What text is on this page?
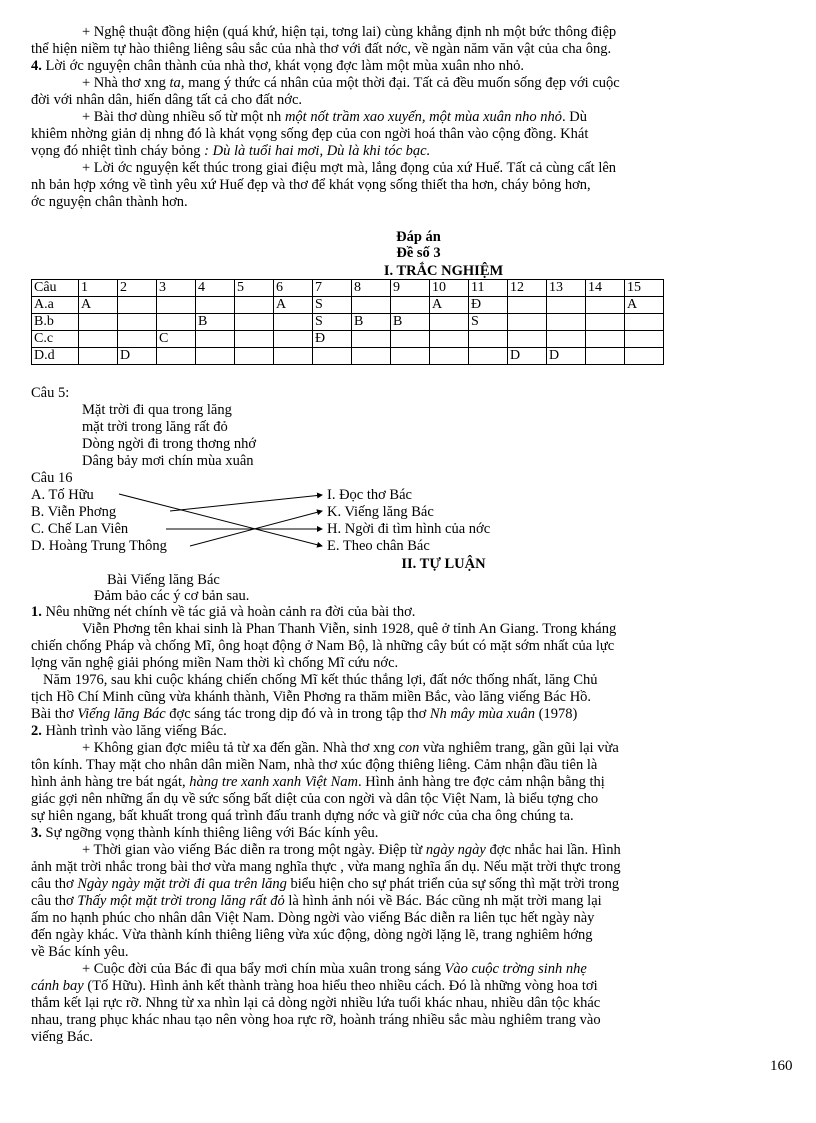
+ Nghệ thuật đồng hiện (quá khứ, hiện tại, tơng lai) cùng khẳng định nh một bức thông điệp
thể hiện niềm tự hào thiêng liêng sâu sắc của nhà thơ với đất nớc, về ngàn năm văn vật của cha ông.
4. Lời ớc nguyện chân thành của nhà thơ, khát vọng đợc làm một mùa xuân nho nhỏ.
+ Nhà thơ xng ta, mang ý thức cá nhân của một thời đại. Tất cả đều muốn sống đẹp với cuộc
đời với nhân dân, hiến dâng tất cả cho đất nớc.
+ Bài thơ dùng nhiều số từ một nh một nốt trầm xao xuyến, một mùa xuân nho nhỏ. Dù
khiêm nhờng giản dị nhng đó là khát vọng sống đẹp của con ngời hoá thân vào cộng đồng. Khát
vọng đó nhiệt tình cháy bỏng : Dù là tuổi hai mơi, Dù là khi tóc bạc.
+ Lời ớc nguyện kết thúc trong giai điệu mợt mà, lắng đọng của xứ Huế. Tất cả cùng cất lên
nh bản hợp xớng về tình yêu xứ Huế đẹp và thơ để khát vọng sống thiết tha hơn, cháy bỏng hơn,
ớc nguyện chân thành hơn.
Đáp án
Đề số 3
I. TRẮC NGHIỆM
Câu	1	2	3	4	5	6	7	8	9	10	11	12	13	14	15
A.a	A					A	S			A	Đ				A
B.b				B			S	B	B		S				
C.c			C				Đ								
D.d		D										D	D		
Câu 5:
Mặt trời đi qua trong lăng
mặt trời trong lăng rất đỏ
Dòng ngời đi trong thơng nhớ
Dâng bảy mơi chín mùa xuân
Câu 16
A. Tố Hữu
B. Viễn Phơng
C. Chế Lan Viên
D. Hoàng Trung Thông
I. Đọc thơ Bác
K. Viếng lăng Bác
H. Ngời đi tìm hình của nớc
E. Theo chân Bác
II. TỰ LUẬN
Bài Viếng lăng Bác
Đảm bảo các ý cơ bản sau.
1. Nêu những nét chính về tác giả và hoàn cảnh ra đời của bài thơ.
Viễn Phơng tên khai sinh là Phan Thanh Viễn, sinh 1928, quê ở tỉnh An Giang. Trong kháng
chiến chống Pháp và chống Mĩ, ông hoạt động ở Nam Bộ, là những cây bút có mặt sớm nhất của lực
lợng văn nghệ giải phóng miền Nam thời kì chống Mĩ cứu nớc.
Năm 1976, sau khi cuộc kháng chiến chống Mĩ kết thúc thắng lợi, đất nớc thống nhất, lăng Chủ
tịch Hồ Chí Minh cũng vừa khánh thành, Viễn Phơng ra thăm miền Bắc, vào lăng viếng Bác Hồ.
Bài thơ Viếng lăng Bác đợc sáng tác trong dịp đó và in trong tập thơ Nh mây mùa xuân (1978)
2. Hành trình vào lăng viếng Bác.
+ Không gian đợc miêu tả từ xa đến gần. Nhà thơ xng con vừa nghiêm trang, gần gũi lại vừa
tôn kính. Thay mặt cho nhân dân miền Nam, nhà thơ xúc động thiêng liêng. Cảm nhận đầu tiên là
hình ảnh hàng tre bát ngát, hàng tre xanh xanh Việt Nam. Hình ảnh hàng tre đợc cảm nhận bằng thị
giác gợi nên những ẩn dụ về sức sống bất diệt của con ngời và dân tộc Việt Nam, là biểu tợng cho
sự hiên ngang, bất khuất trong quá trình đấu tranh dựng nớc và giữ nớc của cha ông chúng ta.
3. Sự ngỡng vọng thành kính thiêng liêng với Bác kính yêu.
+ Thời gian vào viếng Bác diễn ra trong một ngày. Điệp từ ngày ngày đợc nhắc hai lần. Hình
ảnh mặt trời nhắc trong bài thơ vừa mang nghĩa thực , vừa mang nghĩa ẩn dụ. Nếu mặt trời thực trong
câu thơ Ngày ngày mặt trời đi qua trên lăng biểu hiện cho sự phát triển của sự sống thì mặt trời trong
câu thơ Thấy một mặt trời trong lăng rất đỏ là hình ảnh nói về Bác. Bác cũng nh mặt trời mang lại
ấm no hạnh phúc cho nhân dân Việt Nam. Dòng ngời vào viếng Bác diễn ra liên tục hết ngày này
đến ngày khác. Vừa thành kính thiêng liêng vừa xúc động, dòng ngời lặng lẽ, trang nghiêm hớng
về Bác kính yêu.
+ Cuộc đời của Bác đi qua bẩy mơi chín mùa xuân trong sáng Vào cuộc trờng sinh nhẹ
cánh bay (Tố Hữu). Hình ảnh kết thành tràng hoa hiểu theo nhiều cách. Đó là những vòng hoa tơi
thắm kết lại rực rỡ. Nhng từ xa nhìn lại cả dòng ngời nhiều lứa tuổi khác nhau, nhiều dân tộc khác
nhau, trang phục khác nhau tạo nên vòng hoa rực rỡ, hoành tráng nhiều sắc màu nghiêm trang vào
viếng Bác.
160
